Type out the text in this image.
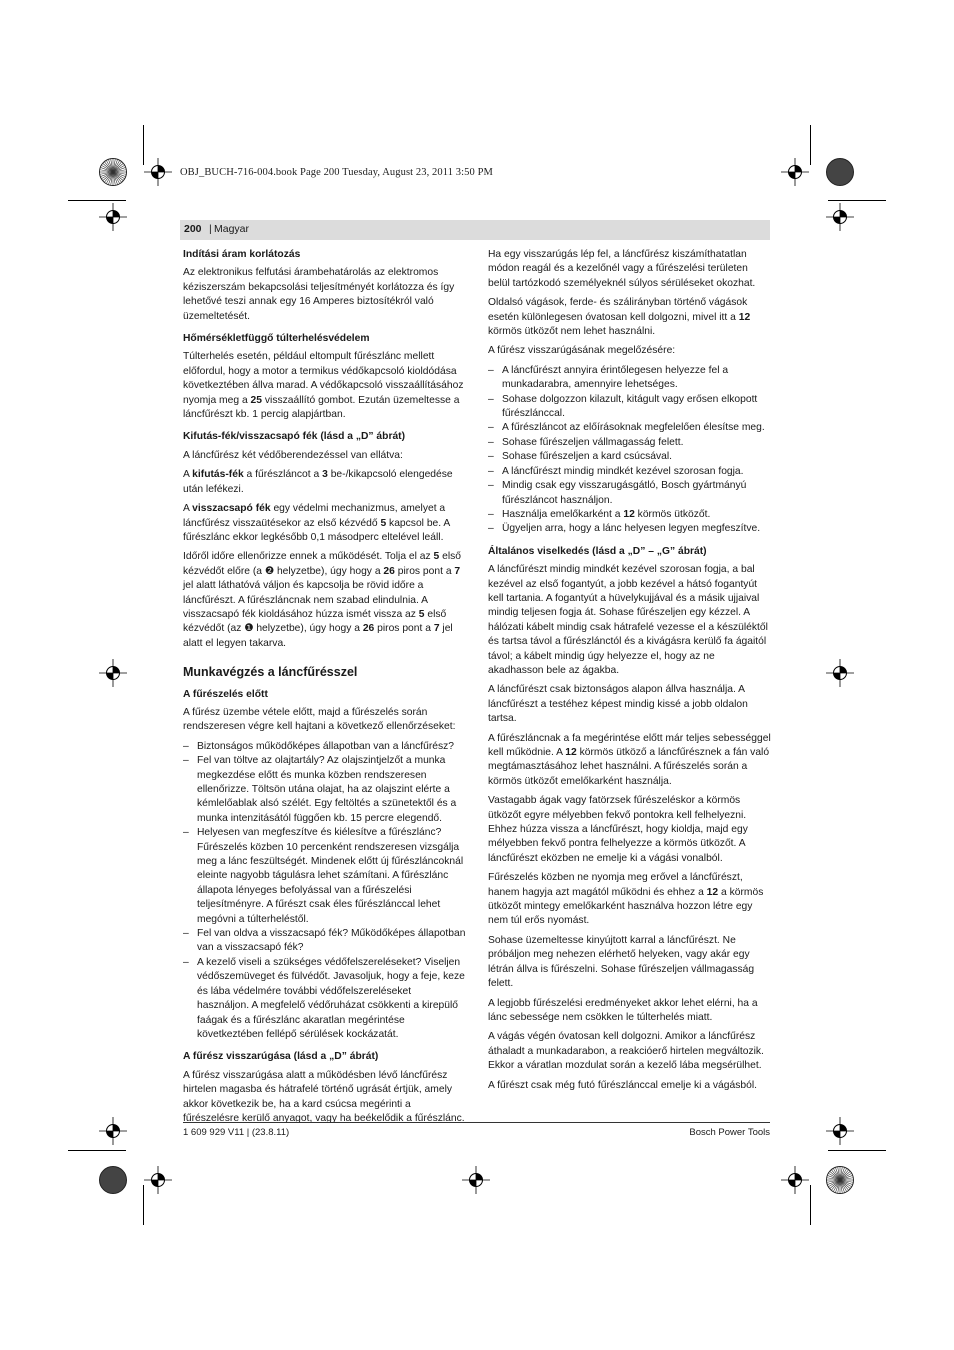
OBJ_BUCH-716-004.book Page 200 Tuesday, August 23, 2011 3:50 PM
200 | Magyar
Indítási áram korlátozás

Az elektronikus felfutási árambehatárolás az elektromos kéziszerszám bekapcsolási teljesítményét korlátozza és így lehetővé teszi annak egy 16 Amperes biztosítékról való üzemeltetését.

Hőmérsékletfüggő túlterhelésvédelem

Túlterhelés esetén, például eltompult fűrészlánc mellett előfordul, hogy a motor a termikus védőkapcsoló kioldódása következtében állva marad. A védőkapcsoló visszaállításához nyomja meg a 25 visszaállító gombot. Ezután üzemeltesse a láncfűrészt kb. 1 percig alapjártban.

Kifutás-fék/visszacsapó fék (lásd a „D” ábrát)

A láncfűrész két védőberendezéssel van ellátva:

A kifutás-fék a fűrészláncot a 3 be-/kikapcsoló elengedése után lefékezi.

A visszacsapó fék egy védelmi mechanizmus, amelyet a láncfűrész visszaütésekor az első kézvédő 5 kapcsol be. A fűrészlánc ekkor legkésőbb 0,1 másodperc eltelével leáll.

Időről időre ellenőrizze ennek a működését. Tolja el az 5 első kézvédőt előre (a ❷ helyzetbe), úgy hogy a 26 piros pont a 7 jel alatt láthatóvá váljon és kapcsolja be rövid időre a láncfűrészt. A fűrészláncnak nem szabad elindulnia. A visszacsapó fék kioldásához húzza ismét vissza az 5 első kézvédőt (az ❶ helyzetbe), úgy hogy a 26 piros pont a 7 jel alatt el legyen takarva.

Munkavégzés a láncfűrésszel
A fűrészelés előtt

A fűrész üzembe vétele előtt, majd a fűrészelés során rendszeresen végre kell hajtani a következő ellenőrzéseket:

– Biztonságos működőképes állapotban van a láncfűrész?
– Fel van töltve az olajtartály? Az olajszintjelzőt a munka megkezdése előtt és munka közben rendszeresen ellenőrizze. Töltsön utána olajat, ha az olajszint elérte a kémlelőablak alsó szélét. Egy feltöltés a szünetektől és a munka intenzitásától függően kb. 15 percre elegendő.
– Helyesen van megfeszítve és kiélesítve a fűrészlánc? Fűrészelés közben 10 percenként rendszeresen vizsgálja meg a lánc feszültségét. Mindenek előtt új fűrészláncoknál eleinte nagyobb tágulásra lehet számítani. A fűrészlánc állapota lényeges befolyással van a fűrészelési teljesítményre. A fűrészt csak éles fűrészlánccal lehet megóvni a túlterheléstől.
– Fel van oldva a visszacsapó fék? Működőképes állapotban van a visszacsapó fék?
– A kezelő viseli a szükséges védőfelszereléseket? Viseljen védőszemüveget és fülvédőt. Javasoljuk, hogy a feje, keze és lába védelmére további védőfelszereléseket használjon. A megfelelő védőruházat csökkenti a kirepülő faágak és a fűrészlánc akaratlan megérintése következtében fellépő sérülések kockázatát.
A fűrész visszarúgása (lásd a „D” ábrát)

A fűrész visszarúgása alatt a működésben lévő láncfűrész hirtelen magasba és hátrafelé történő ugrását értjük, amely akkor következik be, ha a kard csúcsa megérinti a fűrészelésre kerülő anyagot, vagy ha beékelődik a fűrészlánc.

Ha egy visszarúgás lép fel, a láncfűrész kiszámíthatatlan módon reagál és a kezelőnél vagy a fűrészelési területen belül tartózkodó személyeknél súlyos sérüléseket okozhat.

Oldalsó vágások, ferde- és szálirányban történő vágások esetén különlegesen óvatosan kell dolgozni, mivel itt a 12 körmös ütközőt nem lehet használni.

A fűrész visszarúgásának megelőzésére:

– A láncfűrészt annyira érintőlegesen helyezze fel a munkadarabra, amennyire lehetséges.
– Sohase dolgozzon kilazult, kitágult vagy erősen elkopott fűrészlánccal.
– A fűrészláncot az előírásoknak megfelelően élesítse meg.
– Sohase fűrészeljen vállmagasság felett.
– Sohase fűrészeljen a kard csúcsával.
– A láncfűrészt mindig mindkét kezével szorosan fogja.
– Mindig csak egy visszarugásgátló, Bosch gyártmányú fűrészláncot használjon.
– Használja emelőkarként a 12 körmös ütközőt.
– Ügyeljen arra, hogy a lánc helyesen legyen megfeszítve.
Általános viselkedés (lásd a „D” – „G” ábrát)

A láncfűrészt mindig mindkét kezével szorosan fogja, a bal kezével az első fogantyút, a jobb kezével a hátsó fogantyút kell tartania. A fogantyút a hüvelykujjával és a másik ujjaival mindig teljesen fogja át. Sohase fűrészeljen egy kézzel. A hálózati kábelt mindig csak hátrafelé vezesse el a készüléktől és tartsa távol a fűrészlánctól és a kivágásra kerülő fa ágaitól távol; a kábelt mindig úgy helyezze el, hogy az ne akadhasson bele az ágakba.

A láncfűrészt csak biztonságos alapon állva használja. A láncfűrészt a testéhez képest mindig kissé a jobb oldalon tartsa.

A fűrészláncnak a fa megérintése előtt már teljes sebességgel kell működnie. A 12 körmös ütköző a láncfűrésznek a fán való megtámasztásához lehet használni. A fűrészelés során a körmös ütközőt emelőkarként használja.

Vastagabb ágak vagy fatörzsek fűrészeléskor a körmös ütközőt egyre mélyebben fekvő pontokra kell felhelyezni. Ehhez húzza vissza a láncfűrészt, hogy kioldja, majd egy mélyebben fekvő pontra felhelyezze a körmös ütközőt. A láncfűrészt eközben ne emelje ki a vágási vonalból.

Fűrészelés közben ne nyomja meg erővel a láncfűrészt, hanem hagyja azt magától működni és ehhez a 12 a körmös ütközőt mintegy emelőkarként használva hozzon létre egy nem túl erős nyomást.

Sohase üzemeltesse kinyújtott karral a láncfűrészt. Ne próbáljon meg nehezen elérhető helyeken, vagy akár egy létrán állva is fűrészelni. Sohase fűrészeljen vállmagasság felett.

A legjobb fűrészelési eredményeket akkor lehet elérni, ha a lánc sebessége nem csökken le túlterhelés miatt.

A vágás végén óvatosan kell dolgozni. Amikor a láncfűrész áthaladt a munkadarabon, a reakcióerő hirtelen megváltozik. Ekkor a váratlan mozdulat során a kezelő lába megsérülhet.

A fűrészt csak még futó fűrészlánccal emelje ki a vágásból.

1 609 929 V11 | (23.8.11)	Bosch Power Tools
